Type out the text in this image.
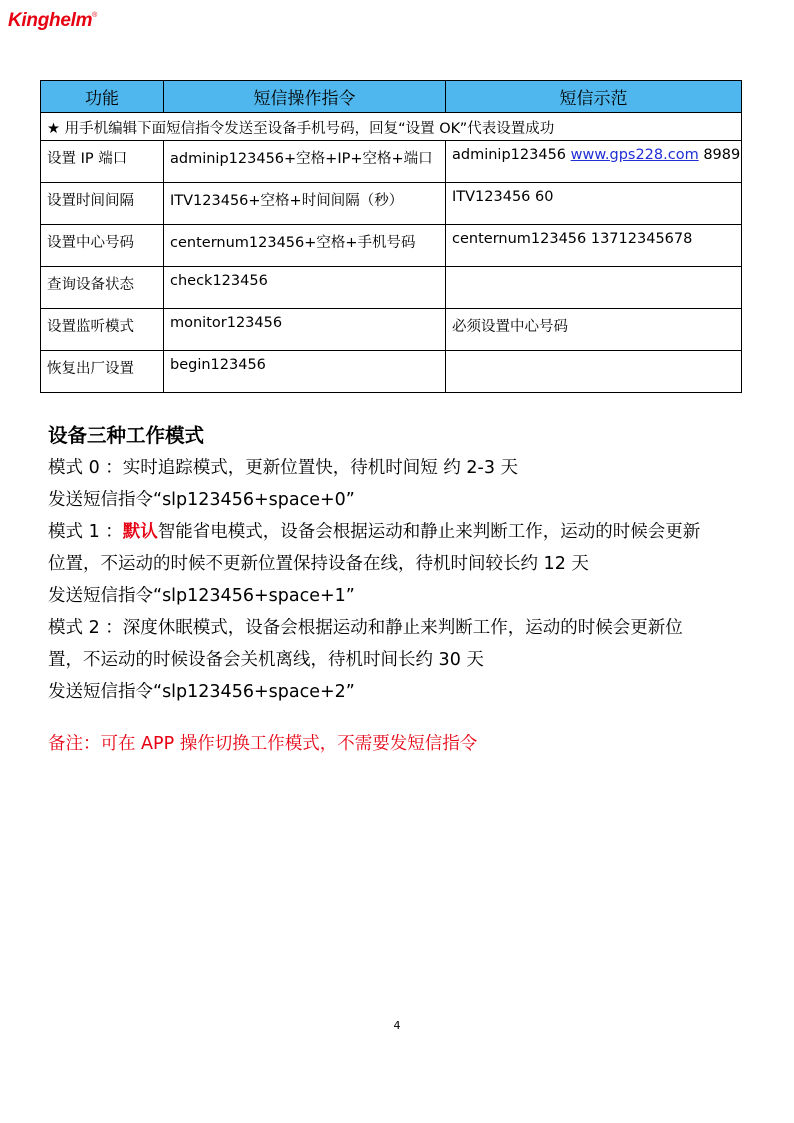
Kinghelm®
功能	短信操作指令	短信示范
★ 用手机编辑下面短信指令发送至设备手机号码，回复“设置 OK”代表设置成功		
设置 IP 端口	adminip123456+空格+IP+空格+端口	adminip123456 www.gps228.com 8989
设置时间间隔	ITV123456+空格+时间间隔（秒）	ITV123456 60
设置中心号码	centernum123456+空格+手机号码	centernum123456 13712345678
查询设备状态	check123456	
设置监听模式	monitor123456	必须设置中心号码
恢复出厂设置	begin123456	
设备三种工作模式

模式 0 ：实时追踪模式，更新位置快，待机时间短 约 2-3 天

发送短信指令“slp123456+space+0”

模式 1 ：默认智能省电模式，设备会根据运动和静止来判断工作，运动的时候会更新

位置，不运动的时候不更新位置保持设备在线，待机时间较长约 12 天

发送短信指令“slp123456+space+1”

模式 2 ：深度休眠模式，设备会根据运动和静止来判断工作，运动的时候会更新位

置，不运动的时候设备会关机离线，待机时间长约 30 天

发送短信指令“slp123456+space+2”

备注：可在 APP 操作切换工作模式，不需要发短信指令

4
